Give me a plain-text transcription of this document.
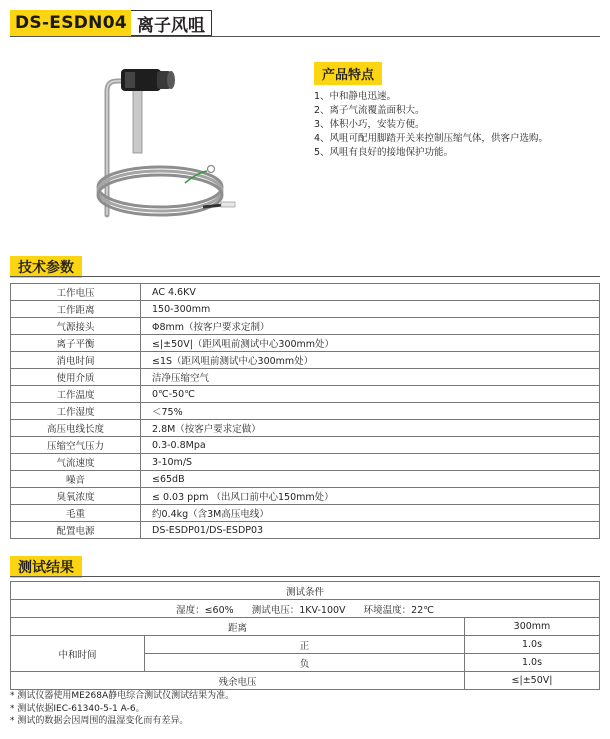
DS-ESDN04 离子风咀
产品特点
1、中和静电迅速。
2、离子气流覆盖面积大。
3、体积小巧，安装方便。
4、风咀可配用脚踏开关来控制压缩气体，供客户选购。
5、风咀有良好的接地保护功能。
技术参数
工作电压	AC 4.6KV
工作距离	150-300mm
气源接头	Φ8mm（按客户要求定制）
离子平衡	≤|±50V|（距风咀前测试中心300mm处）
消电时间	≤1S（距风咀前测试中心300mm处）
使用介质	洁净压缩空气
工作温度	0℃-50℃
工作湿度	＜75%
高压电线长度	2.8M（按客户要求定做）
压缩空气压力	0.3-0.8Mpa
气流速度	3-10m/S
噪音	≤65dB
臭氧浓度	≤ 0.03 ppm （出风口前中心150mm处）
毛重	约0.4kg（含3M高压电线）
配置电源	DS-ESDP01/DS-ESDP03
测试结果
测试条件		
湿度：≤60%      测试电压：1KV-100V      环境温度：22℃		
距离		300mm
中和时间	正	1.0s
	负	1.0s
残余电压		≤|±50V|
* 测试仪器使用ME268A静电综合测试仪测试结果为准。
* 测试依据IEC-61340-5-1 A-6。
* 测试的数据会因周围的温湿变化而有差异。
